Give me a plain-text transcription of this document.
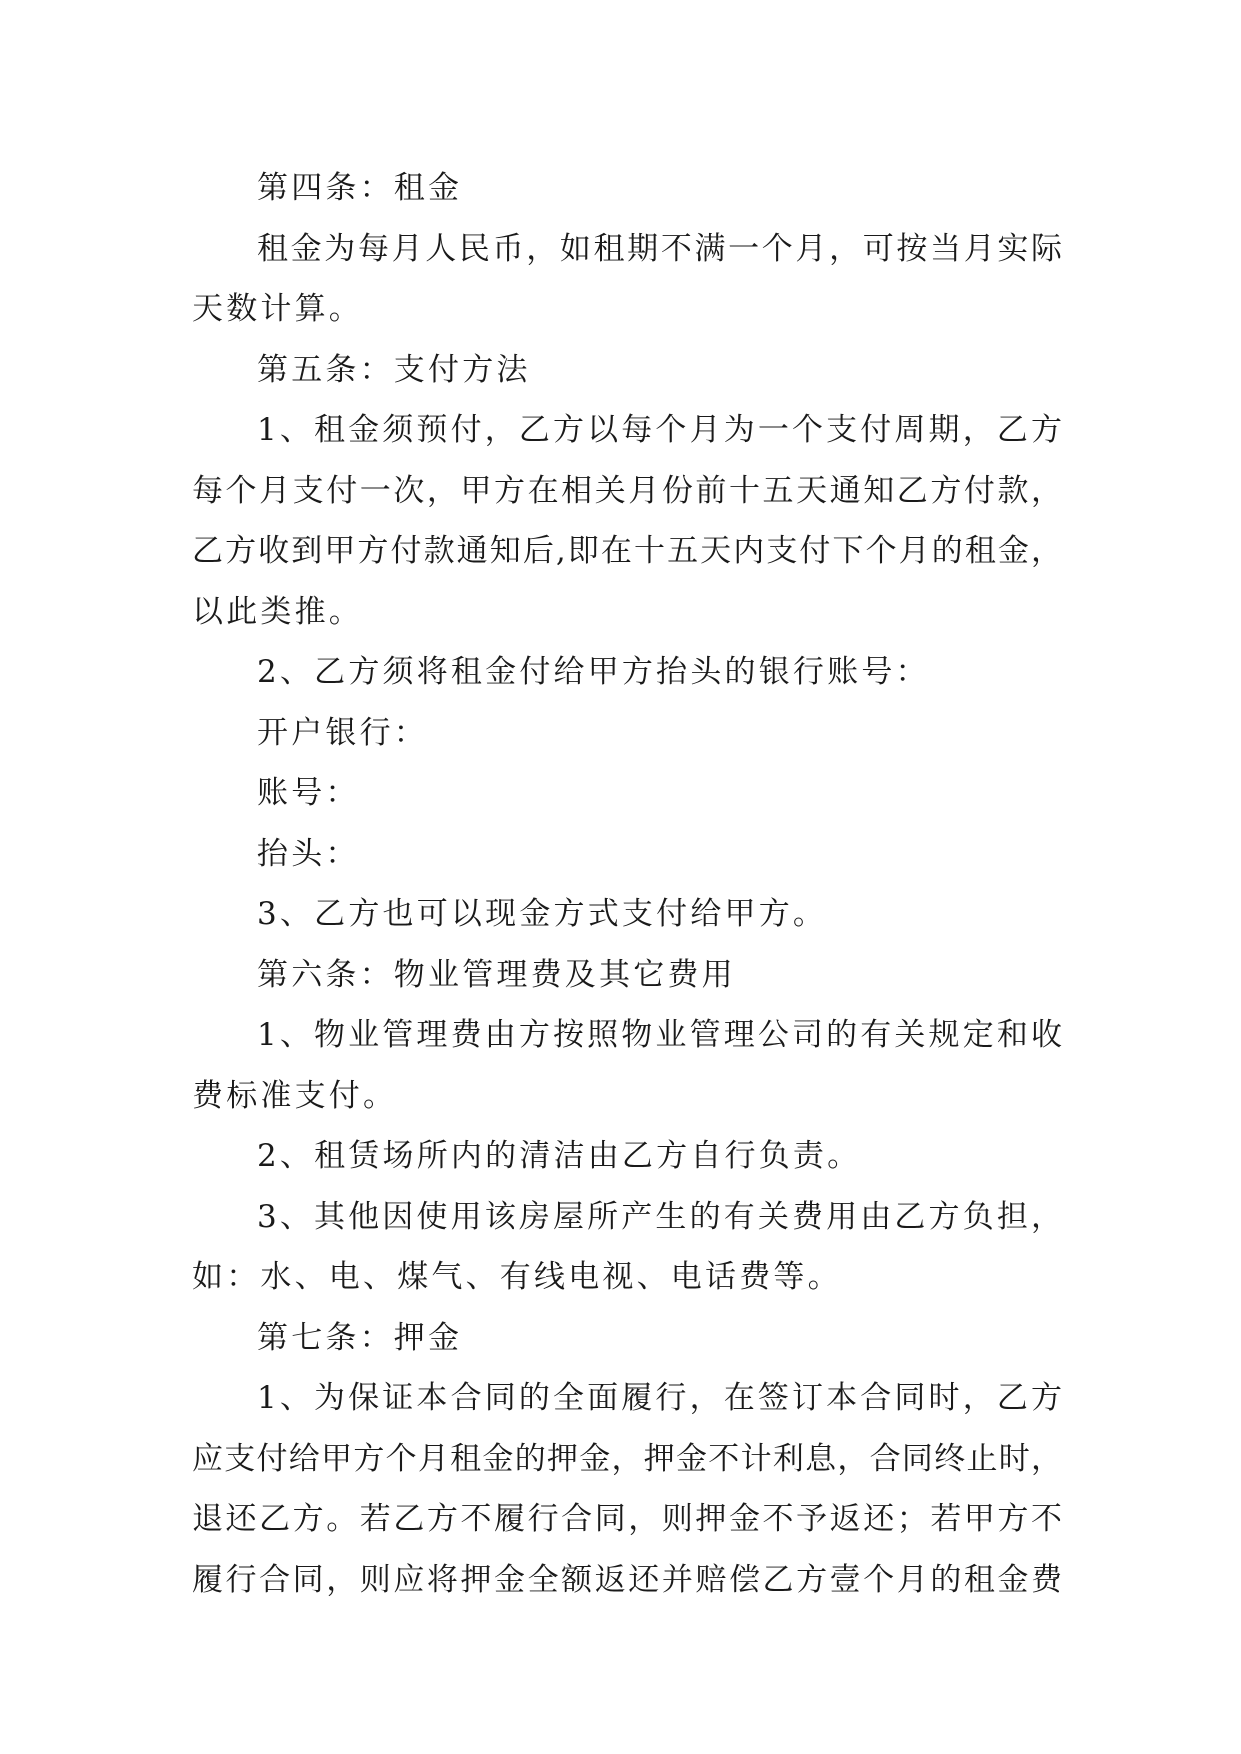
第四条：租金
租金为每月人民币，如租期不满一个月，可按当月实际
天数计算。
第五条：支付方法
1、租金须预付，乙方以每个月为一个支付周期，乙方
每个月支付一次，甲方在相关月份前十五天通知乙方付款，
乙方收到甲方付款通知后,即在十五天内支付下个月的租金，
以此类推。
2、乙方须将租金付给甲方抬头的银行账号：
开户银行：
账号：
抬头：
3、乙方也可以现金方式支付给甲方。
第六条：物业管理费及其它费用
1、物业管理费由方按照物业管理公司的有关规定和收
费标准支付。
2、租赁场所内的清洁由乙方自行负责。
3、其他因使用该房屋所产生的有关费用由乙方负担，
如：水、电、煤气、有线电视、电话费等。
第七条：押金
1、为保证本合同的全面履行，在签订本合同时，乙方
应支付给甲方个月租金的押金，押金不计利息，合同终止时，
退还乙方。若乙方不履行合同，则押金不予返还；若甲方不
履行合同，则应将押金全额返还并赔偿乙方壹个月的租金费
